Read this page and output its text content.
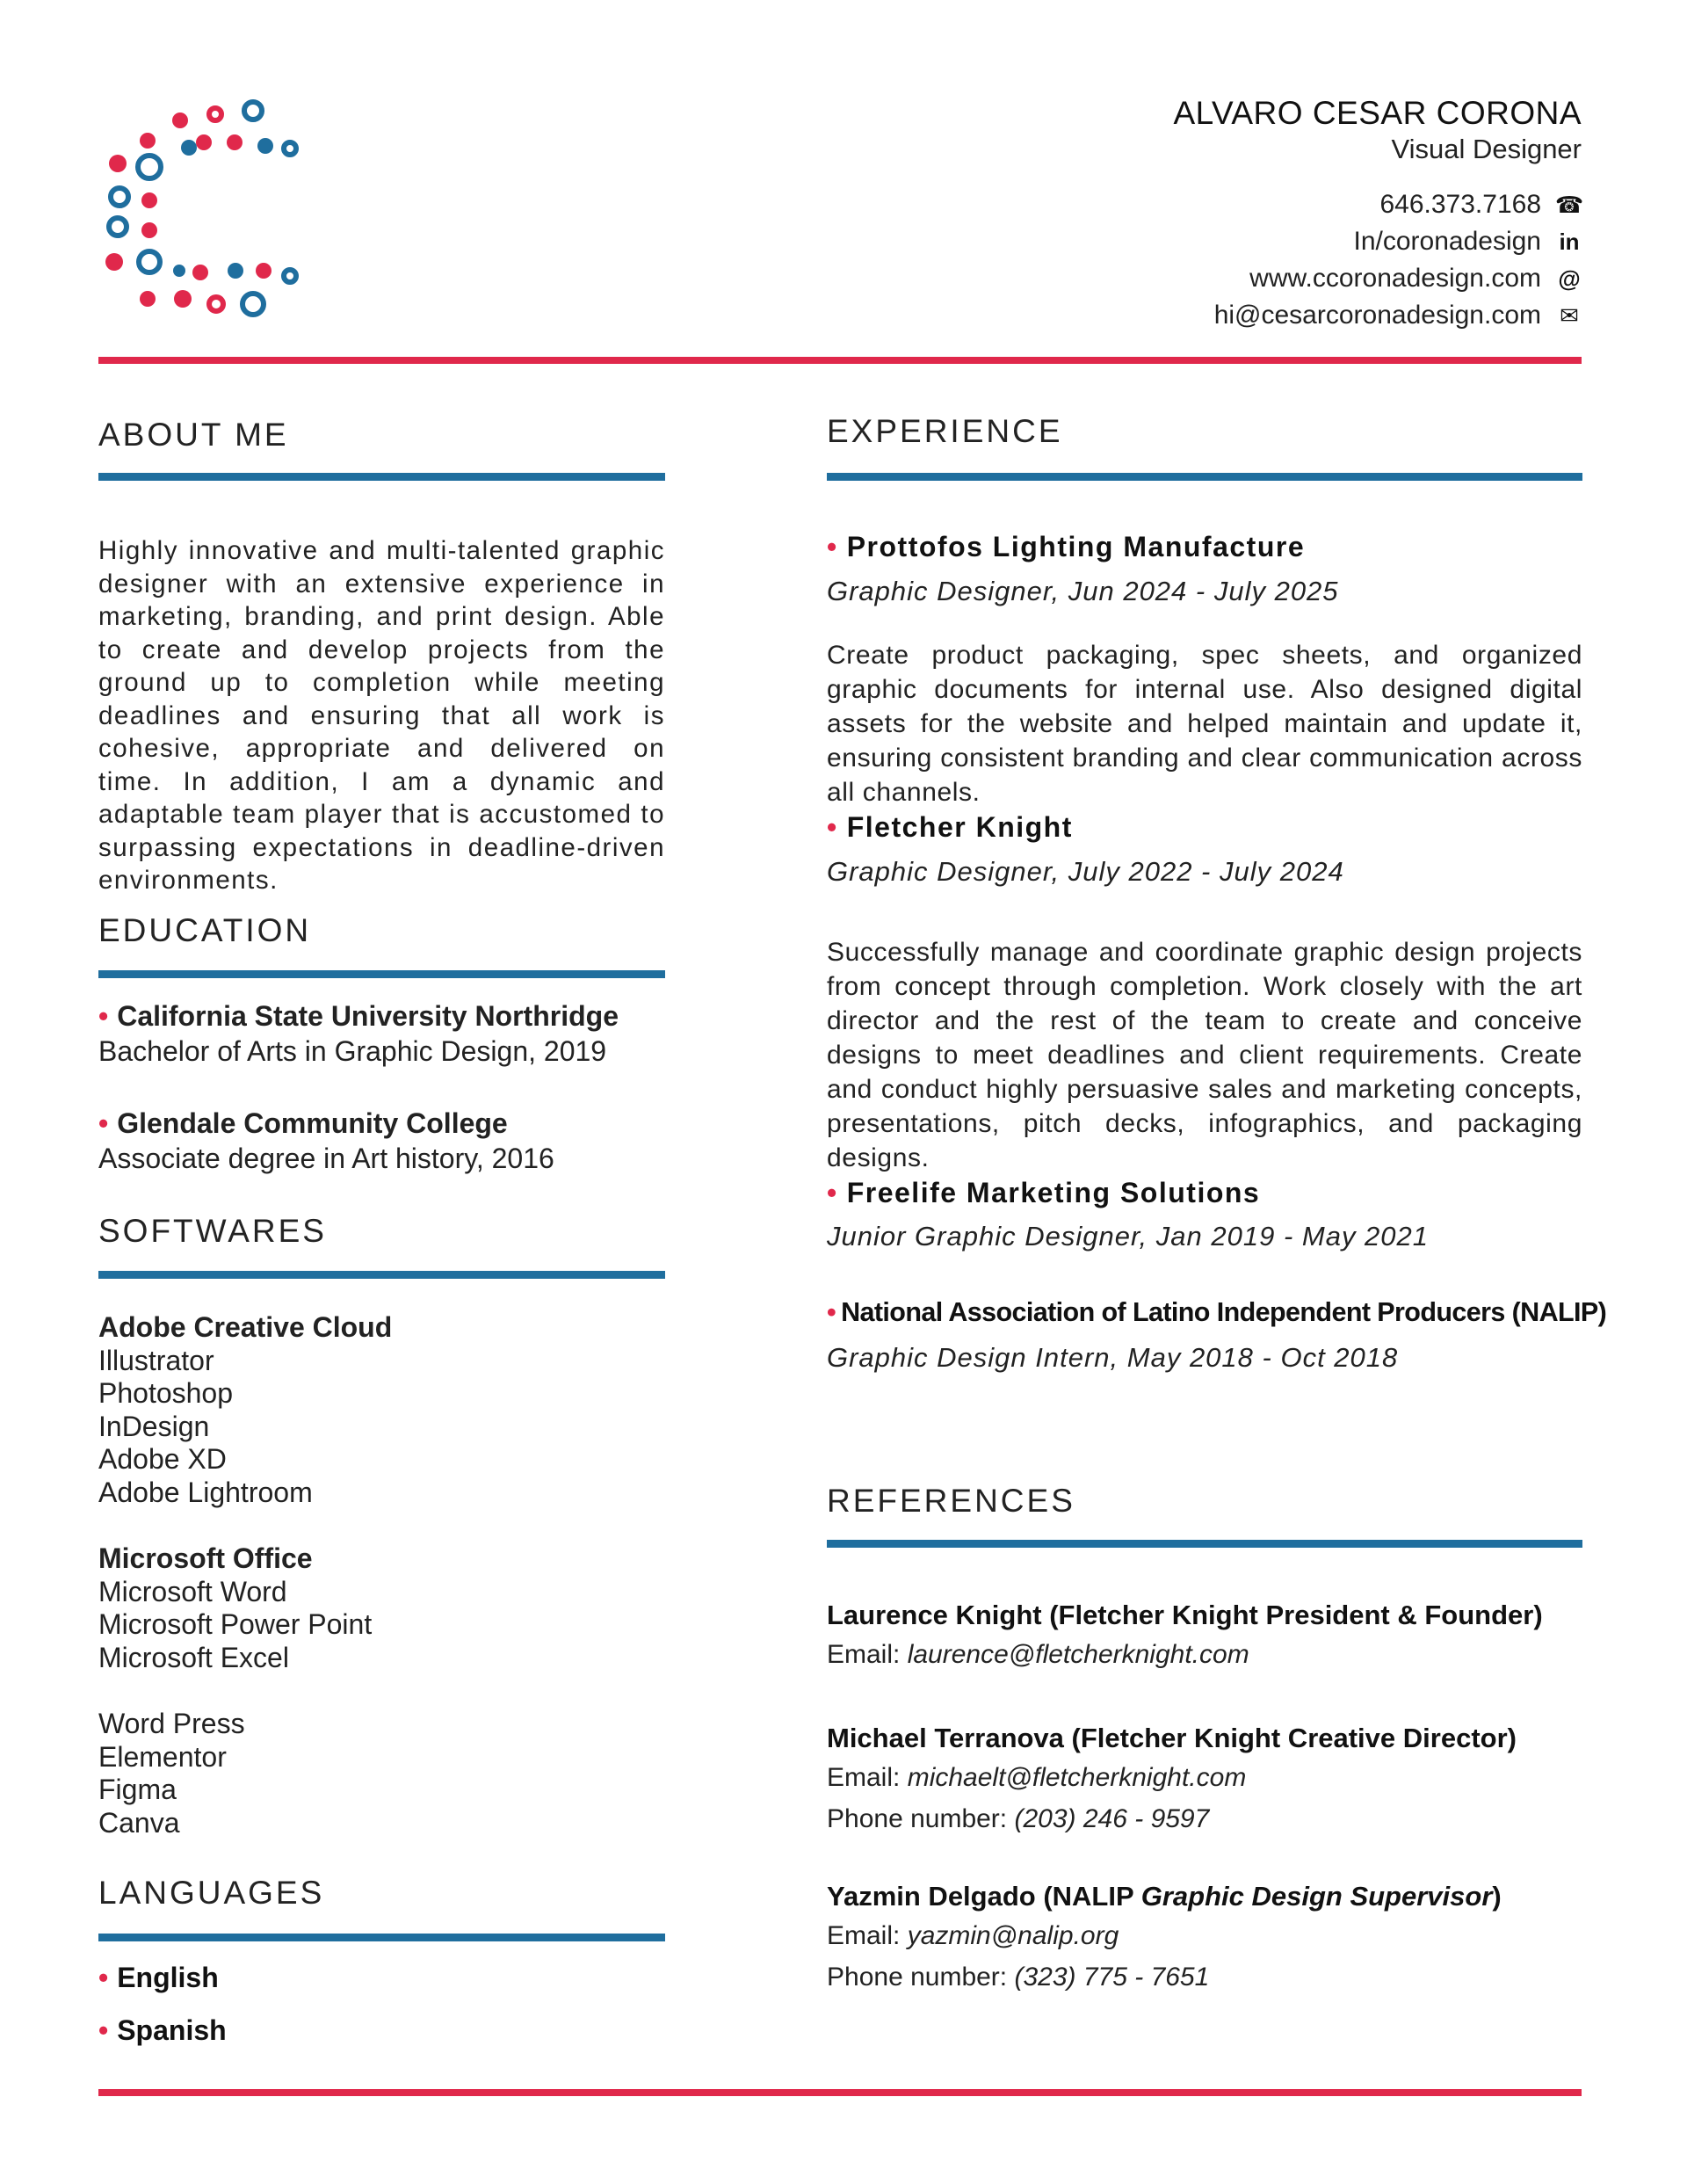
ALVARO CESAR CORONA
Visual Designer
646.373.7168 ☎
In/coronadesign in
www.ccoronadesign.com @
hi@cesarcoronadesign.com ✉
ABOUT ME
Highly innovative and multi-talented graphic designer with an extensive experience in marketing, branding, and print design. Able to create and develop projects from the ground up to completion while meeting deadlines and ensuring that all work is cohesive, appropriate and delivered on time. In addition, I am a dynamic and adaptable team player that is accustomed to surpassing expectations in deadline-driven environments.
EDUCATION
• California State University Northridge
Bachelor of Arts in Graphic Design, 2019
• Glendale Community College
Associate degree in Art history, 2016
SOFTWARES
Adobe Creative Cloud
Illustrator
Photoshop
InDesign
Adobe XD
Adobe Lightroom
Microsoft Office
Microsoft Word
Microsoft Power Point
Microsoft Excel
Word Press
Elementor
Figma
Canva
LANGUAGES
• English
• Spanish
EXPERIENCE
• Prottofos Lighting Manufacture
Graphic Designer, Jun 2024 - July 2025
Create product packaging, spec sheets, and organized graphic documents for internal use. Also designed digital assets for the website and helped maintain and update it, ensuring consistent branding and clear communication across all channels.
• Fletcher Knight
Graphic Designer, July 2022 - July 2024
Successfully manage and coordinate graphic design projects from concept through completion. Work closely with the art director and the rest of the team to create and conceive designs to meet deadlines and client requirements. Create and conduct highly persuasive sales and marketing concepts, presentations, pitch decks, infographics, and packaging designs.
• Freelife Marketing Solutions
Junior Graphic Designer, Jan 2019 - May 2021
• National Association of Latino Independent Producers (NALIP)
Graphic Design Intern, May 2018 - Oct 2018
REFERENCES
Laurence Knight (Fletcher Knight President & Founder)
Email: laurence@fletcherknight.com
Michael Terranova (Fletcher Knight Creative Director)
Email: michaelt@fletcherknight.com
Phone number: (203) 246 - 9597
Yazmin Delgado (NALIP Graphic Design Supervisor)
Email: yazmin@nalip.org
Phone number: (323) 775 - 7651
